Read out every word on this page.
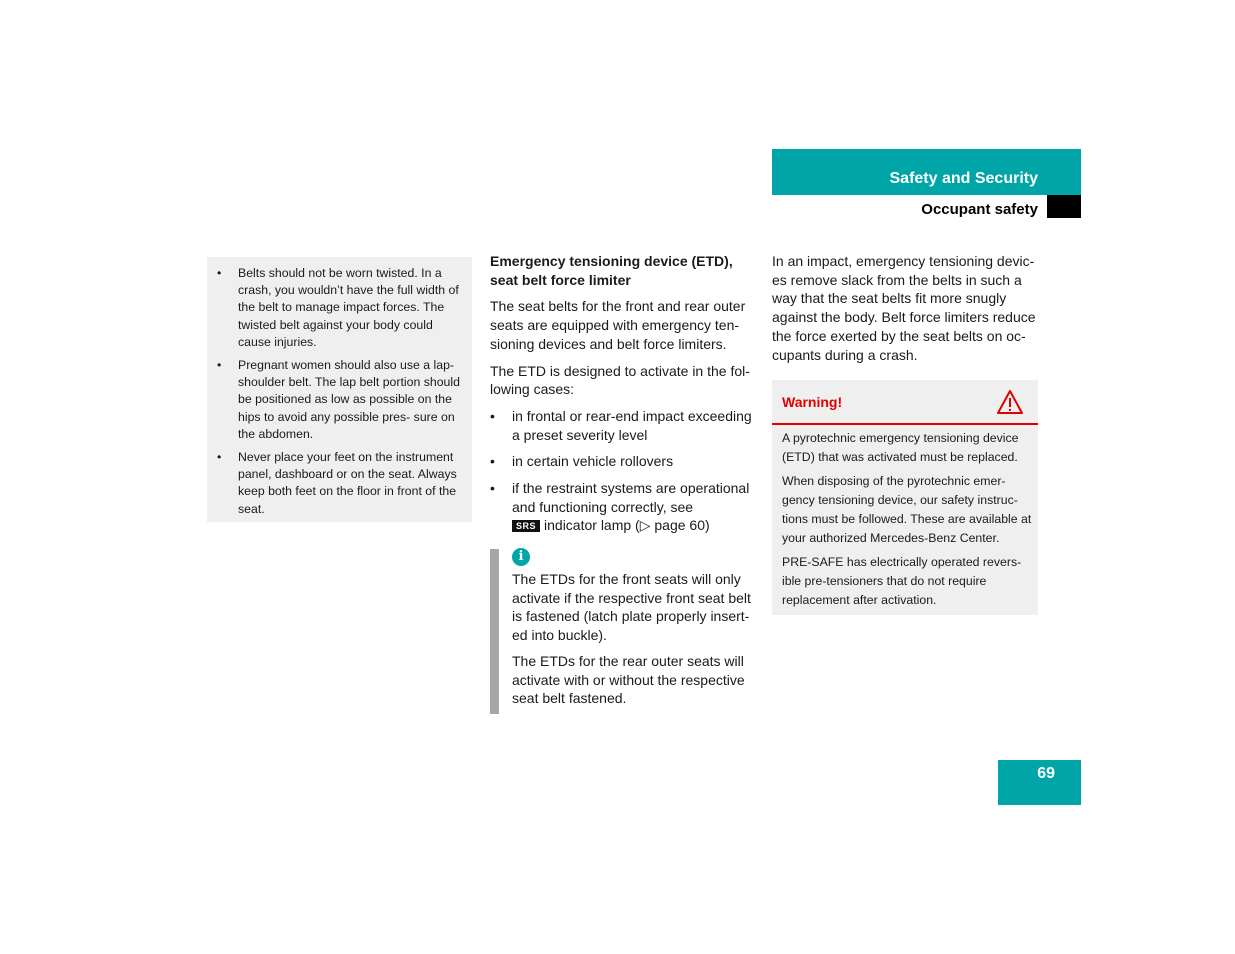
Safety and Security
Occupant safety
• Belts should not be worn twisted. In a crash, you wouldn’t have the full width of the belt to manage impact forces. The twisted belt against your body could cause injuries.
• Pregnant women should also use a lap-shoulder belt. The lap belt portion should be positioned as low as possible on the hips to avoid any possible pres- sure on the abdomen.
• Never place your feet on the instrument panel, dashboard or on the seat. Always keep both feet on the floor in front of the seat.

Emergency tensioning device (ETD), seat belt force limiter

The seat belts for the front and rear outer seats are equipped with emergency ten- sioning devices and belt force limiters.

The ETD is designed to activate in the fol- lowing cases:

• in frontal or rear-end impact exceeding a preset severity level
• in certain vehicle rollovers
• if the restraint systems are operational and functioning correctly, see
SRS indicator lamp (▷ page 60)
i

The ETDs for the front seats will only activate if the respective front seat belt is fastened (latch plate properly insert- ed into buckle).

The ETDs for the rear outer seats will activate with or without the respective seat belt fastened.

In an impact, emergency tensioning devic- es remove slack from the belts in such a way that the seat belts fit more snugly against the body. Belt force limiters reduce the force exerted by the seat belts on oc- cupants during a crash.

Warning!

A pyrotechnic emergency tensioning device (ETD) that was activated must be replaced.

When disposing of the pyrotechnic emer- gency tensioning device, our safety instruc- tions must be followed. These are available at your authorized Mercedes-Benz Center.

PRE-SAFE has electrically operated revers- ible pre-tensioners that do not require replacement after activation.

69
